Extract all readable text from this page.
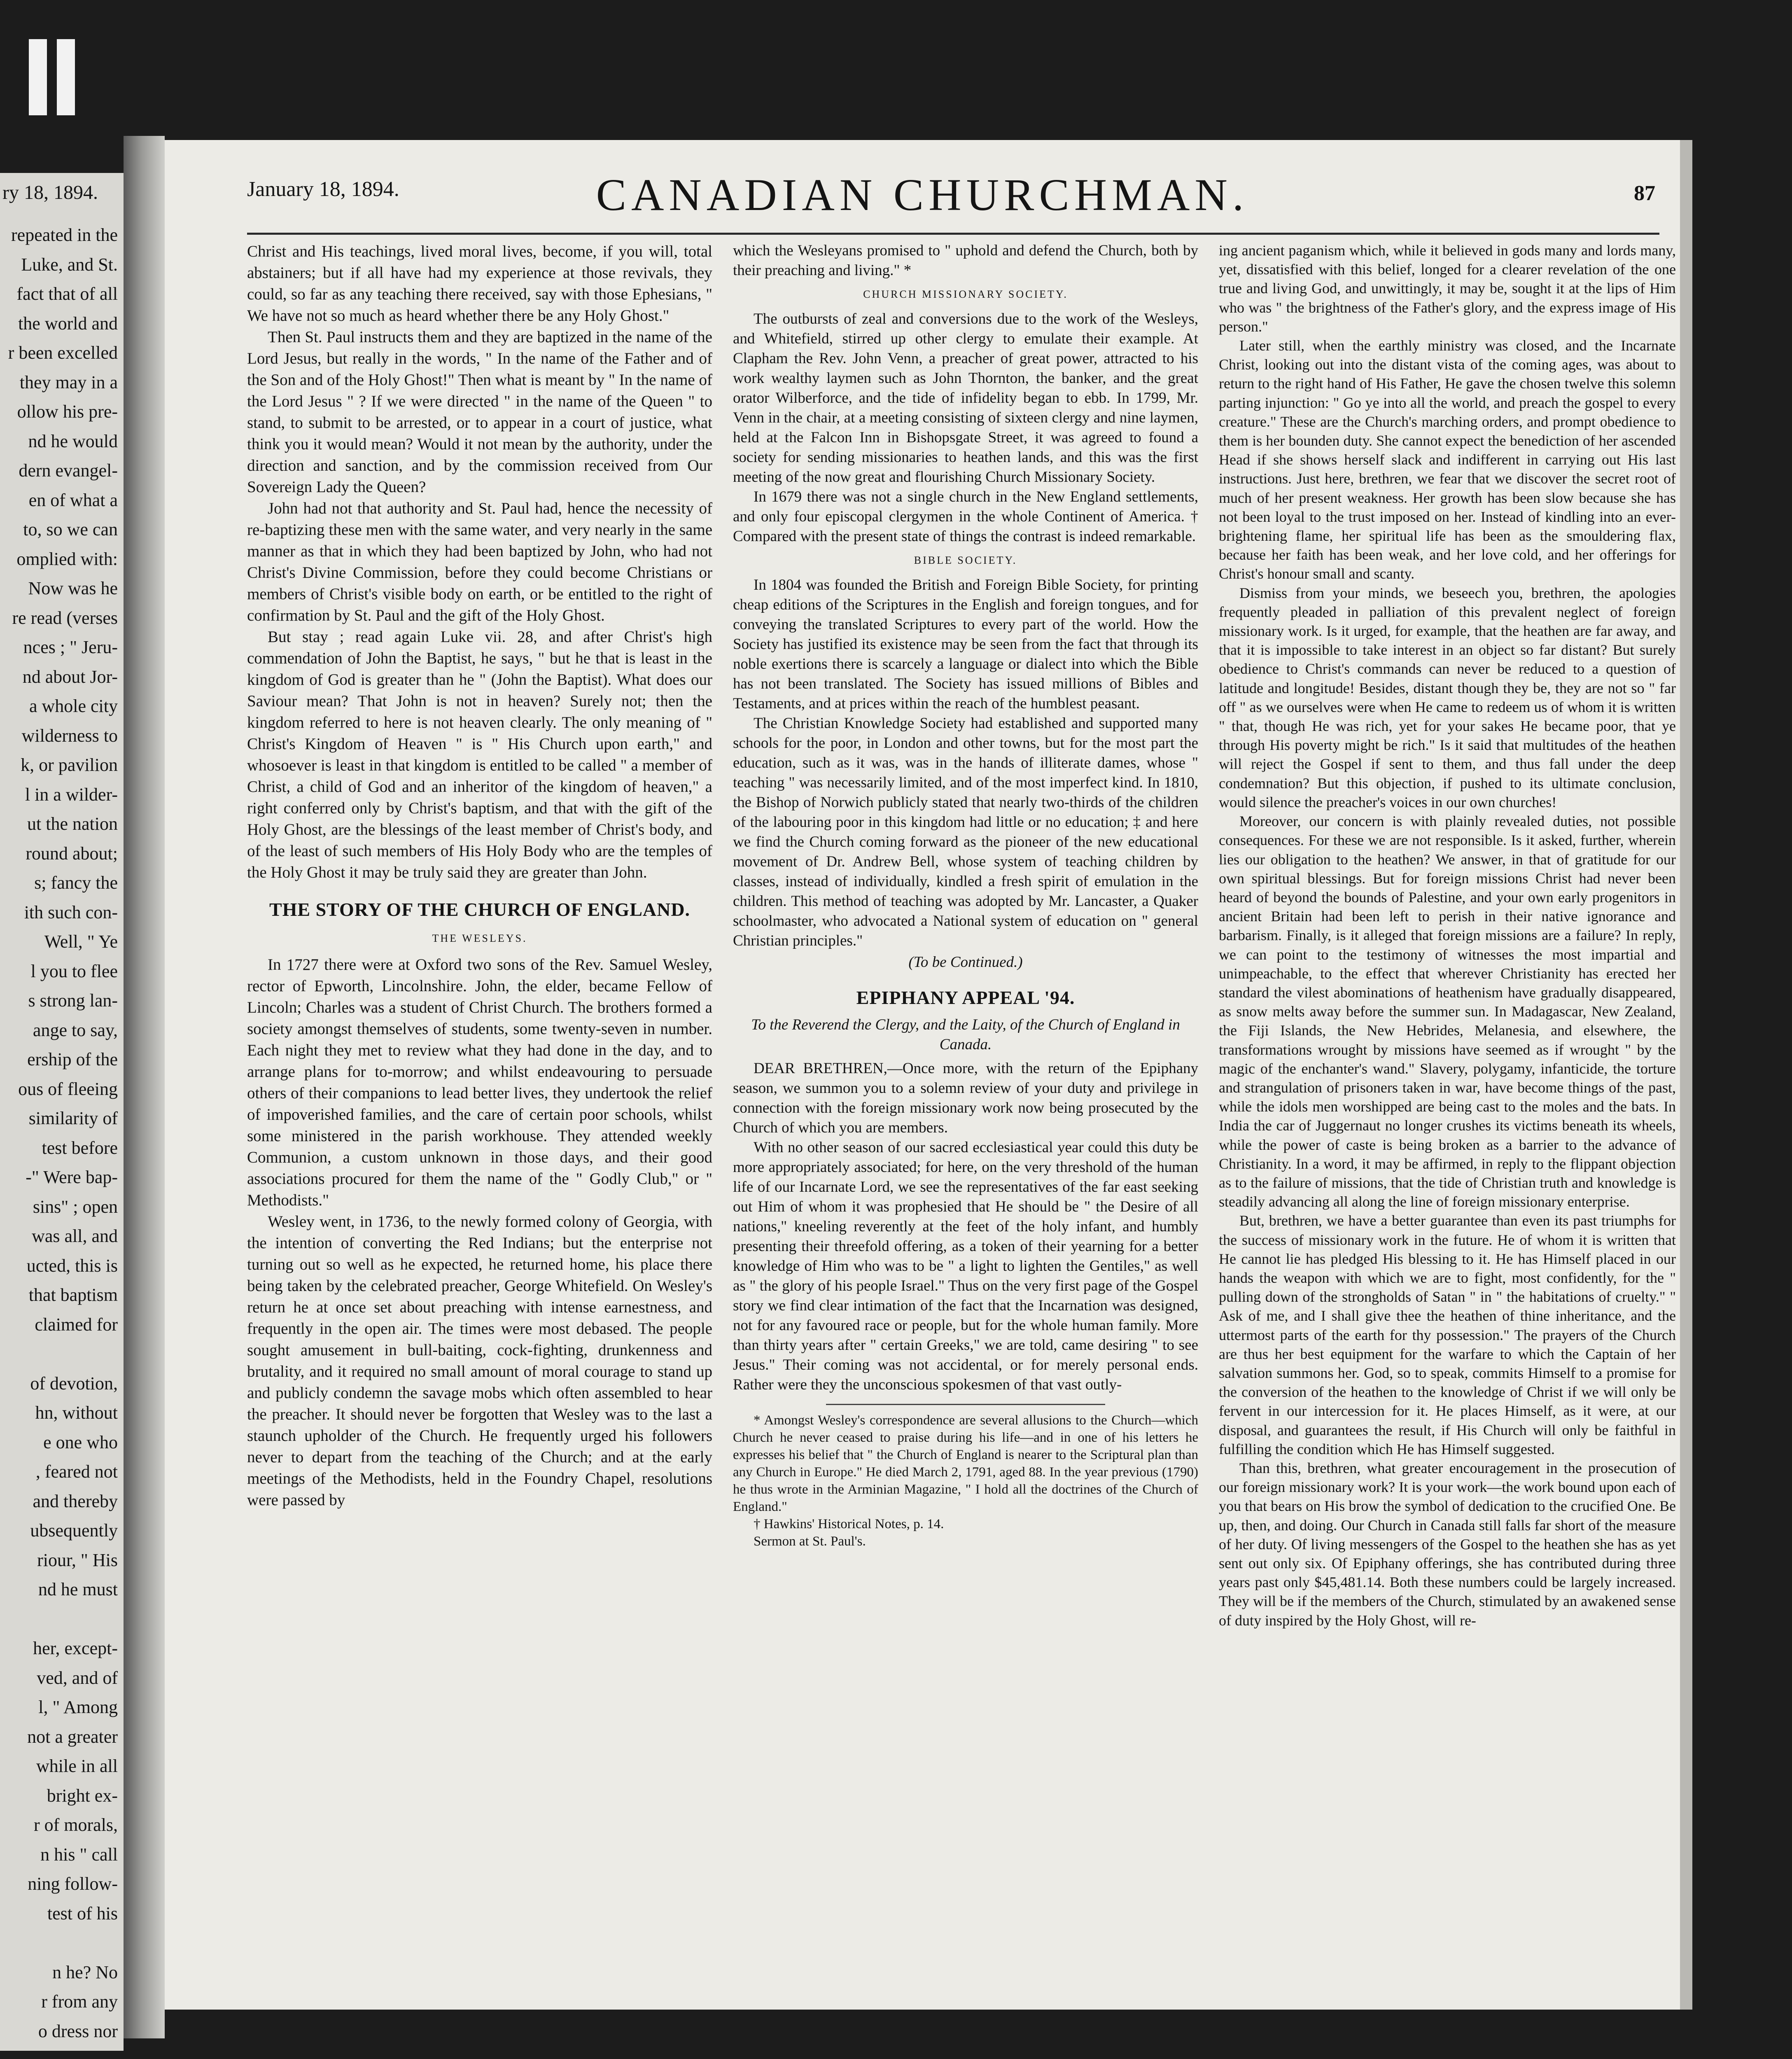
ry 18, 1894.
repeated in the
Luke, and St.
fact that of all
the world and
r been excelled
they may in a
ollow his pre-
nd he would
dern evangel-
en of what a
to, so we can
omplied with:
Now was he
re read (verses
nces ; " Jeru-
nd about Jor-
a whole city
wilderness to
k, or pavilion
l in a wilder-
ut the nation
round about;
s; fancy the
ith such con-
Well, " Ye
l you to flee
s strong lan-
ange to say,
ership of the
ous of fleeing
similarity of
test before
-" Were bap-
sins" ; open
was all, and
ucted, this is
that baptism
claimed for
of devotion,
hn, without
e one who
, feared not
and thereby
ubsequently
riour, " His
nd he must
her, except-
ved, and of
l, " Among
not a greater
while in all
bright ex-
r of morals,
n his " call
ning follow-
test of his
n he? No
r from any
o dress nor
January 18, 1894.	CANADIAN CHURCHMAN.	87

Christ and His teachings, lived moral lives, become, if you will, total abstainers; but if all have had my experience at those revivals, they could, so far as any teaching there received, say with those Ephesians, " We have not so much as heard whether there be any Holy Ghost."

Then St. Paul instructs them and they are baptized in the name of the Lord Jesus, but really in the words, " In the name of the Father and of the Son and of the Holy Ghost!" Then what is meant by " In the name of the Lord Jesus " ? If we were directed " in the name of the Queen " to stand, to submit to be arrested, or to appear in a court of justice, what think you it would mean? Would it not mean by the authority, under the direction and sanction, and by the commission received from Our Sovereign Lady the Queen?

John had not that authority and St. Paul had, hence the necessity of re-baptizing these men with the same water, and very nearly in the same manner as that in which they had been baptized by John, who had not Christ's Divine Commission, before they could become Christians or members of Christ's visible body on earth, or be entitled to the right of confirmation by St. Paul and the gift of the Holy Ghost.

But stay ; read again Luke vii. 28, and after Christ's high commendation of John the Baptist, he says, " but he that is least in the kingdom of God is greater than he " (John the Baptist). What does our Saviour mean? That John is not in heaven? Surely not; then the kingdom referred to here is not heaven clearly. The only meaning of " Christ's Kingdom of Heaven " is " His Church upon earth," and whosoever is least in that kingdom is entitled to be called " a member of Christ, a child of God and an inheritor of the kingdom of heaven," a right conferred only by Christ's baptism, and that with the gift of the Holy Ghost, are the blessings of the least member of Christ's body, and of the least of such members of His Holy Body who are the temples of the Holy Ghost it may be truly said they are greater than John.

THE STORY OF THE CHURCH OF ENGLAND.
THE WESLEYS.

In 1727 there were at Oxford two sons of the Rev. Samuel Wesley, rector of Epworth, Lincolnshire. John, the elder, became Fellow of Lincoln; Charles was a student of Christ Church. The brothers formed a society amongst themselves of students, some twenty-seven in number. Each night they met to review what they had done in the day, and to arrange plans for to-morrow; and whilst endeavouring to persuade others of their companions to lead better lives, they undertook the relief of impoverished families, and the care of certain poor schools, whilst some ministered in the parish workhouse. They attended weekly Communion, a custom unknown in those days, and their good associations procured for them the name of the " Godly Club," or " Methodists."

Wesley went, in 1736, to the newly formed colony of Georgia, with the intention of converting the Red Indians; but the enterprise not turning out so well as he expected, he returned home, his place there being taken by the celebrated preacher, George Whitefield. On Wesley's return he at once set about preaching with intense earnestness, and frequently in the open air. The times were most debased. The people sought amusement in bull-baiting, cock-fighting, drunkenness and brutality, and it required no small amount of moral courage to stand up and publicly condemn the savage mobs which often assembled to hear the preacher. It should never be forgotten that Wesley was to the last a staunch upholder of the Church. He frequently urged his followers never to depart from the teaching of the Church; and at the early meetings of the Methodists, held in the Foundry Chapel, resolutions were passed by

which the Wesleyans promised to " uphold and defend the Church, both by their preaching and living." *

CHURCH MISSIONARY SOCIETY.

The outbursts of zeal and conversions due to the work of the Wesleys, and Whitefield, stirred up other clergy to emulate their example. At Clapham the Rev. John Venn, a preacher of great power, attracted to his work wealthy laymen such as John Thornton, the banker, and the great orator Wilberforce, and the tide of infidelity began to ebb. In 1799, Mr. Venn in the chair, at a meeting consisting of sixteen clergy and nine laymen, held at the Falcon Inn in Bishopsgate Street, it was agreed to found a society for sending missionaries to heathen lands, and this was the first meeting of the now great and flourishing Church Missionary Society.

In 1679 there was not a single church in the New England settlements, and only four episcopal clergymen in the whole Continent of America. † Compared with the present state of things the contrast is indeed remarkable.

BIBLE SOCIETY.

In 1804 was founded the British and Foreign Bible Society, for printing cheap editions of the Scriptures in the English and foreign tongues, and for conveying the translated Scriptures to every part of the world. How the Society has justified its existence may be seen from the fact that through its noble exertions there is scarcely a language or dialect into which the Bible has not been translated. The Society has issued millions of Bibles and Testaments, and at prices within the reach of the humblest peasant.

The Christian Knowledge Society had established and supported many schools for the poor, in London and other towns, but for the most part the education, such as it was, was in the hands of illiterate dames, whose " teaching " was necessarily limited, and of the most imperfect kind. In 1810, the Bishop of Norwich publicly stated that nearly two-thirds of the children of the labouring poor in this kingdom had little or no education; ‡ and here we find the Church coming forward as the pioneer of the new educational movement of Dr. Andrew Bell, whose system of teaching children by classes, instead of individually, kindled a fresh spirit of emulation in the children. This method of teaching was adopted by Mr. Lancaster, a Quaker schoolmaster, who advocated a National system of education on " general Christian principles."

(To be Continued.)
EPIPHANY APPEAL '94.
To the Reverend the Clergy, and the Laity, of the Church of England in Canada.

DEAR BRETHREN,—Once more, with the return of the Epiphany season, we summon you to a solemn review of your duty and privilege in connection with the foreign missionary work now being prosecuted by the Church of which you are members.

With no other season of our sacred ecclesiastical year could this duty be more appropriately associated; for here, on the very threshold of the human life of our Incarnate Lord, we see the representatives of the far east seeking out Him of whom it was prophesied that He should be " the Desire of all nations," kneeling reverently at the feet of the holy infant, and humbly presenting their threefold offering, as a token of their yearning for a better knowledge of Him who was to be " a light to lighten the Gentiles," as well as " the glory of his people Israel." Thus on the very first page of the Gospel story we find clear intimation of the fact that the Incarnation was designed, not for any favoured race or people, but for the whole human family. More than thirty years after " certain Greeks," we are told, came desiring " to see Jesus." Their coming was not accidental, or for merely personal ends. Rather were they the unconscious spokesmen of that vast outly-

* Amongst Wesley's correspondence are several allusions to the Church—which Church he never ceased to praise during his life—and in one of his letters he expresses his belief that " the Church of England is nearer to the Scriptural plan than any Church in Europe." He died March 2, 1791, aged 88. In the year previous (1790) he thus wrote in the Arminian Magazine, " I hold all the doctrines of the Church of England."

† Hawkins' Historical Notes, p. 14.

Sermon at St. Paul's.

ing ancient paganism which, while it believed in gods many and lords many, yet, dissatisfied with this belief, longed for a clearer revelation of the one true and living God, and unwittingly, it may be, sought it at the lips of Him who was " the brightness of the Father's glory, and the express image of His person."

Later still, when the earthly ministry was closed, and the Incarnate Christ, looking out into the distant vista of the coming ages, was about to return to the right hand of His Father, He gave the chosen twelve this solemn parting injunction: " Go ye into all the world, and preach the gospel to every creature." These are the Church's marching orders, and prompt obedience to them is her bounden duty. She cannot expect the benediction of her ascended Head if she shows herself slack and indifferent in carrying out His last instructions. Just here, brethren, we fear that we discover the secret root of much of her present weakness. Her growth has been slow because she has not been loyal to the trust imposed on her. Instead of kindling into an ever-brightening flame, her spiritual life has been as the smouldering flax, because her faith has been weak, and her love cold, and her offerings for Christ's honour small and scanty.

Dismiss from your minds, we beseech you, brethren, the apologies frequently pleaded in palliation of this prevalent neglect of foreign missionary work. Is it urged, for example, that the heathen are far away, and that it is impossible to take interest in an object so far distant? But surely obedience to Christ's commands can never be reduced to a question of latitude and longitude! Besides, distant though they be, they are not so " far off " as we ourselves were when He came to redeem us of whom it is written " that, though He was rich, yet for your sakes He became poor, that ye through His poverty might be rich." Is it said that multitudes of the heathen will reject the Gospel if sent to them, and thus fall under the deep condemnation? But this objection, if pushed to its ultimate conclusion, would silence the preacher's voices in our own churches!

Moreover, our concern is with plainly revealed duties, not possible consequences. For these we are not responsible. Is it asked, further, wherein lies our obligation to the heathen? We answer, in that of gratitude for our own spiritual blessings. But for foreign missions Christ had never been heard of beyond the bounds of Palestine, and your own early progenitors in ancient Britain had been left to perish in their native ignorance and barbarism. Finally, is it alleged that foreign missions are a failure? In reply, we can point to the testimony of witnesses the most impartial and unimpeachable, to the effect that wherever Christianity has erected her standard the vilest abominations of heathenism have gradually disappeared, as snow melts away before the summer sun. In Madagascar, New Zealand, the Fiji Islands, the New Hebrides, Melanesia, and elsewhere, the transformations wrought by missions have seemed as if wrought " by the magic of the enchanter's wand." Slavery, polygamy, infanticide, the torture and strangulation of prisoners taken in war, have become things of the past, while the idols men worshipped are being cast to the moles and the bats. In India the car of Juggernaut no longer crushes its victims beneath its wheels, while the power of caste is being broken as a barrier to the advance of Christianity. In a word, it may be affirmed, in reply to the flippant objection as to the failure of missions, that the tide of Christian truth and knowledge is steadily advancing all along the line of foreign missionary enterprise.

But, brethren, we have a better guarantee than even its past triumphs for the success of missionary work in the future. He of whom it is written that He cannot lie has pledged His blessing to it. He has Himself placed in our hands the weapon with which we are to fight, most confidently, for the " pulling down of the strongholds of Satan " in " the habitations of cruelty." " Ask of me, and I shall give thee the heathen of thine inheritance, and the uttermost parts of the earth for thy possession." The prayers of the Church are thus her best equipment for the warfare to which the Captain of her salvation summons her. God, so to speak, commits Himself to a promise for the conversion of the heathen to the knowledge of Christ if we will only be fervent in our intercession for it. He places Himself, as it were, at our disposal, and guarantees the result, if His Church will only be faithful in fulfilling the condition which He has Himself suggested.

Than this, brethren, what greater encouragement in the prosecution of our foreign missionary work? It is your work—the work bound upon each of you that bears on His brow the symbol of dedication to the crucified One. Be up, then, and doing. Our Church in Canada still falls far short of the measure of her duty. Of living messengers of the Gospel to the heathen she has as yet sent out only six. Of Epiphany offerings, she has contributed during three years past only $45,481.14. Both these numbers could be largely increased. They will be if the members of the Church, stimulated by an awakened sense of duty inspired by the Holy Ghost, will re-
